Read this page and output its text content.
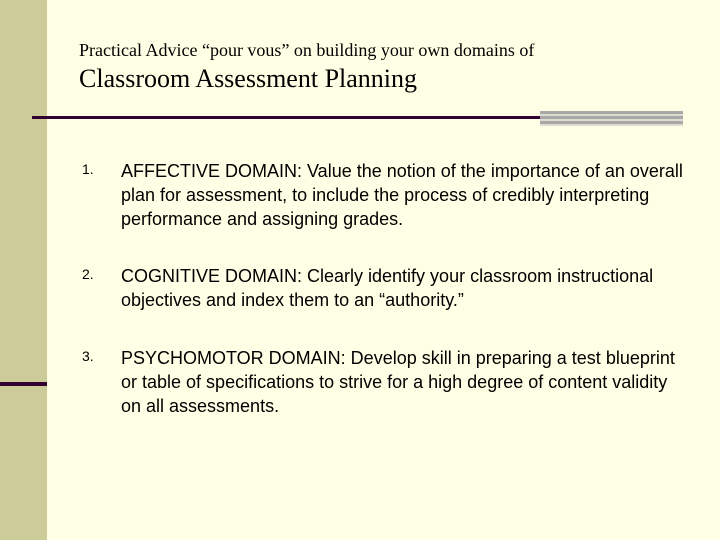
Practical Advice “pour vous” on building your own domains of
Classroom Assessment Planning
1. AFFECTIVE DOMAIN: Value the notion of the importance of an overall plan for assessment, to include the process of credibly interpreting performance and assigning grades.
2. COGNITIVE DOMAIN: Clearly identify your classroom instructional objectives and index them to an “authority.”
3. PSYCHOMOTOR DOMAIN: Develop skill in preparing a test blueprint or table of specifications to strive for a high degree of content validity on all assessments.
